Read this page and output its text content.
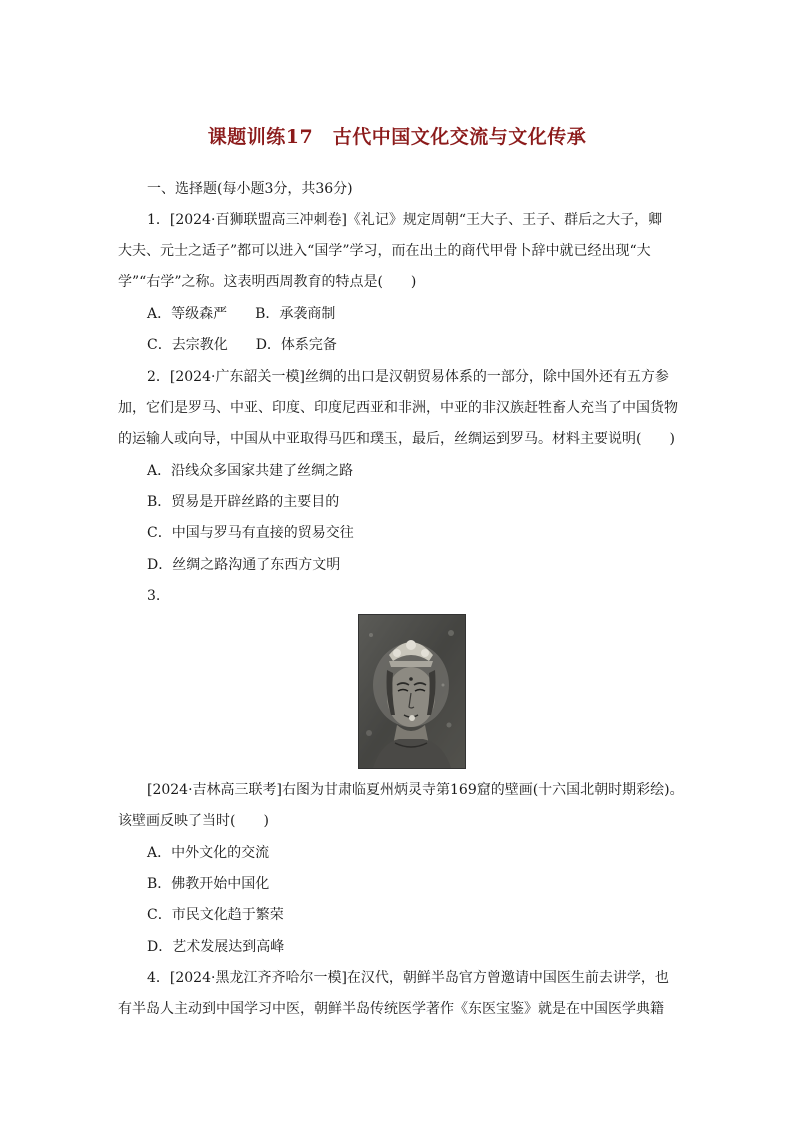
课题训练17　古代中国文化交流与文化传承
一、选择题(每小题3分，共36分)
1．[2024·百狮联盟高三冲刺卷]《礼记》规定周朝“王大子、王子、群后之大子，卿
大夫、元士之适子”都可以进入“国学”学习，而在出土的商代甲骨卜辞中就已经出现“大
学”“右学”之称。这表明西周教育的特点是(　　)
A．等级森严　　B．承袭商制
C．去宗教化　　D．体系完备
2．[2024·广东韶关一模]丝绸的出口是汉朝贸易体系的一部分，除中国外还有五方参
加，它们是罗马、中亚、印度、印度尼西亚和非洲，中亚的非汉族赶牲畜人充当了中国货物
的运输人或向导，中国从中亚取得马匹和璞玉，最后，丝绸运到罗马。材料主要说明(　　)
A．沿线众多国家共建了丝绸之路
B．贸易是开辟丝路的主要目的
C．中国与罗马有直接的贸易交往
D．丝绸之路沟通了东西方文明
3.
[2024·吉林高三联考]右图为甘肃临夏州炳灵寺第169窟的壁画(十六国北朝时期彩绘)。
该壁画反映了当时(　　)
A．中外文化的交流
B．佛教开始中国化
C．市民文化趋于繁荣
D．艺术发展达到高峰
4．[2024·黑龙江齐齐哈尔一模]在汉代，朝鲜半岛官方曾邀请中国医生前去讲学，也
有半岛人主动到中国学习中医，朝鲜半岛传统医学著作《东医宝鉴》就是在中国医学典籍
